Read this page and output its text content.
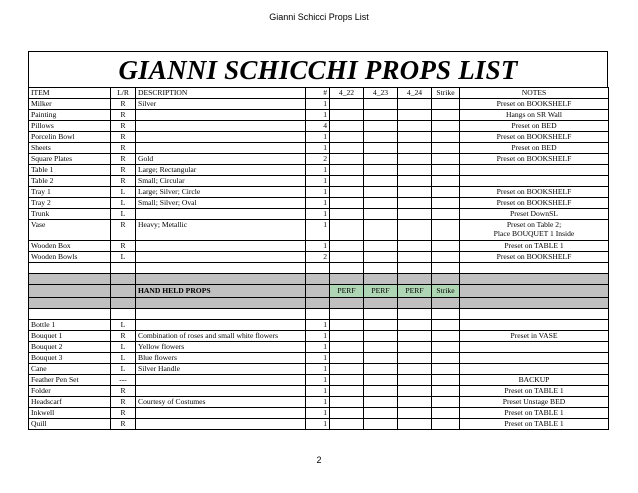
Gianni Schicci Props List
GIANNI SCHICCHI PROPS LIST
ITEM	L/R	DESCRIPTION	#	4_22	4_23	4_24	Strike	NOTES
Milker	R	Silver	1					Preset on BOOKSHELF
Painting	R		1					Hangs on SR Wall
Pillows	R		4					Preset on BED
Porcelin Bowl	R		1					Preset on BOOKSHELF
Sheets	R		1					Preset on BED
Square Plates	R	Gold	2					Preset on BOOKSHELF
Table 1	R	Large; Rectangular	1					
Table 2	R	Small; Circular	1					
Tray 1	L	Large; Silver; Circle	1					Preset on BOOKSHELF
Tray 2	L	Small; Silver; Oval	1					Preset on BOOKSHELF
Trunk	L		1					Preset DownSL
Vase	R	Heavy; Metallic	1					Preset on Table 2;
Place BOUQUET 1 Inside

Wooden Box	R		1					Preset on TABLE 1
Wooden Bowls	L		2					Preset on BOOKSHELF

		HAND HELD PROPS		PERF	PERF	PERF	Strike	

Bottle 1	L		1					
Bouquet 1	R	Combination of roses and small white flowers	1					Preset in VASE
Bouquet 2	L	Yellow flowers	1					
Bouquet 3	L	Blue flowers	1					
Cane	L	Silver Handle	1					
Feather Pen Set	---		1					BACKUP
Folder	R		1					Preset on TABLE 1
Headscarf	R	Courtesy of Costumes	1					Preset Unstage BED
Inkwell	R		1					Preset on TABLE 1
Quill	R		1					Preset on TABLE 1
2
